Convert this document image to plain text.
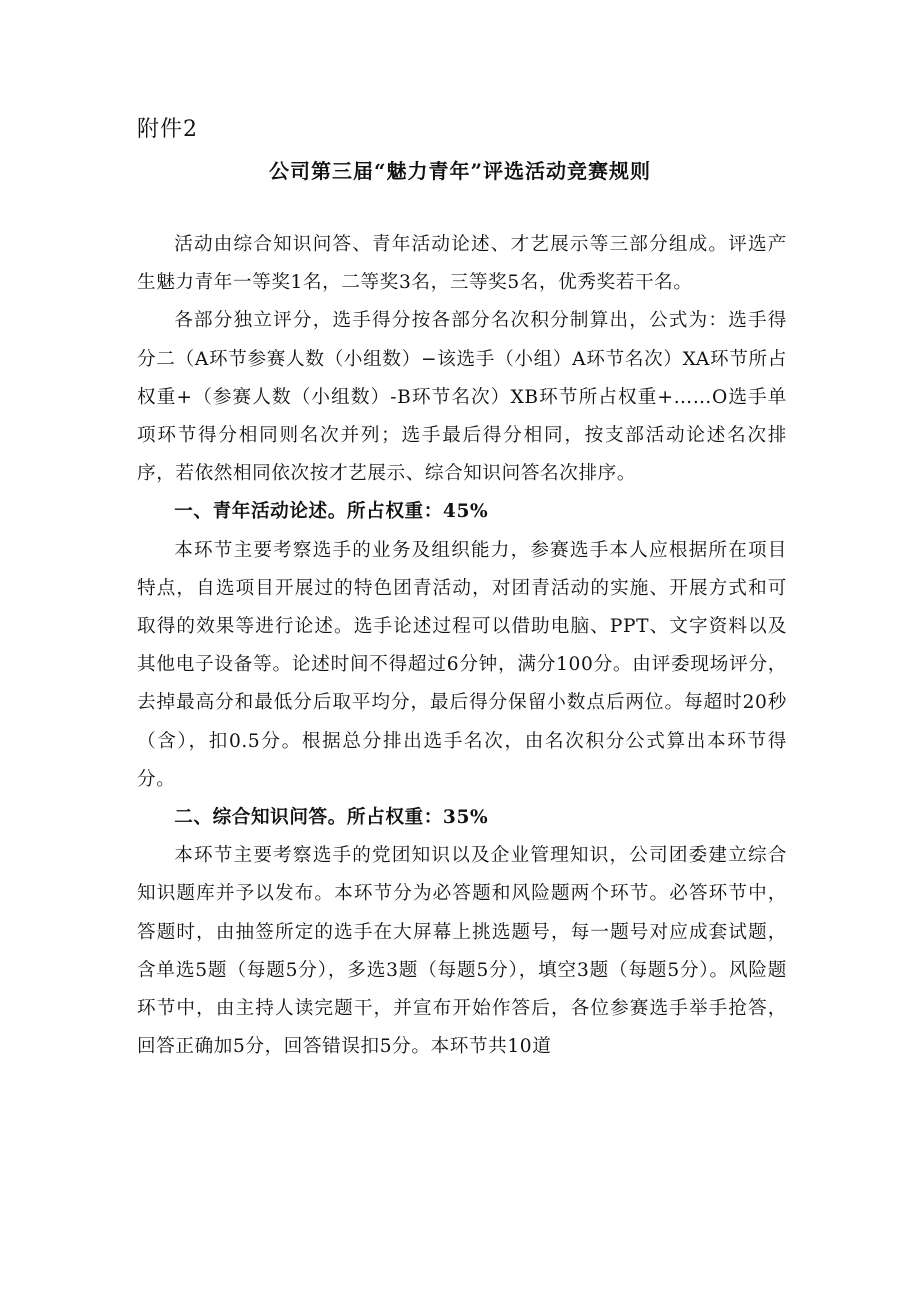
附件2
公司第三届“魅力青年”评选活动竞赛规则

活动由综合知识问答、青年活动论述、才艺展示等三部分组成。评选产生魅力青年一等奖1名，二等奖3名，三等奖5名，优秀奖若干名。

各部分独立评分，选手得分按各部分名次积分制算出，公式为：选手得分二（A环节参赛人数（小组数）−该选手（小组）A环节名次）XA环节所占权重+（参赛人数（小组数）-B环节名次）XB环节所占权重+……O选手单项环节得分相同则名次并列；选手最后得分相同，按支部活动论述名次排序，若依然相同依次按才艺展示、综合知识问答名次排序。

一、青年活动论述。所占权重：45%

本环节主要考察选手的业务及组织能力，参赛选手本人应根据所在项目特点，自选项目开展过的特色团青活动，对团青活动的实施、开展方式和可取得的效果等进行论述。选手论述过程可以借助电脑、PPT、文字资料以及其他电子设备等。论述时间不得超过6分钟，满分100分。由评委现场评分，去掉最高分和最低分后取平均分，最后得分保留小数点后两位。每超时20秒（含），扣0.5分。根据总分排出选手名次，由名次积分公式算出本环节得分。

二、综合知识问答。所占权重：35%

本环节主要考察选手的党团知识以及企业管理知识，公司团委建立综合知识题库并予以发布。本环节分为必答题和风险题两个环节。必答环节中，答题时，由抽签所定的选手在大屏幕上挑选题号，每一题号对应成套试题，含单选5题（每题5分），多选3题（每题5分），填空3题（每题5分）。风险题环节中，由主持人读完题干，并宣布开始作答后，各位参赛选手举手抢答，回答正确加5分，回答错误扣5分。本环节共10道
